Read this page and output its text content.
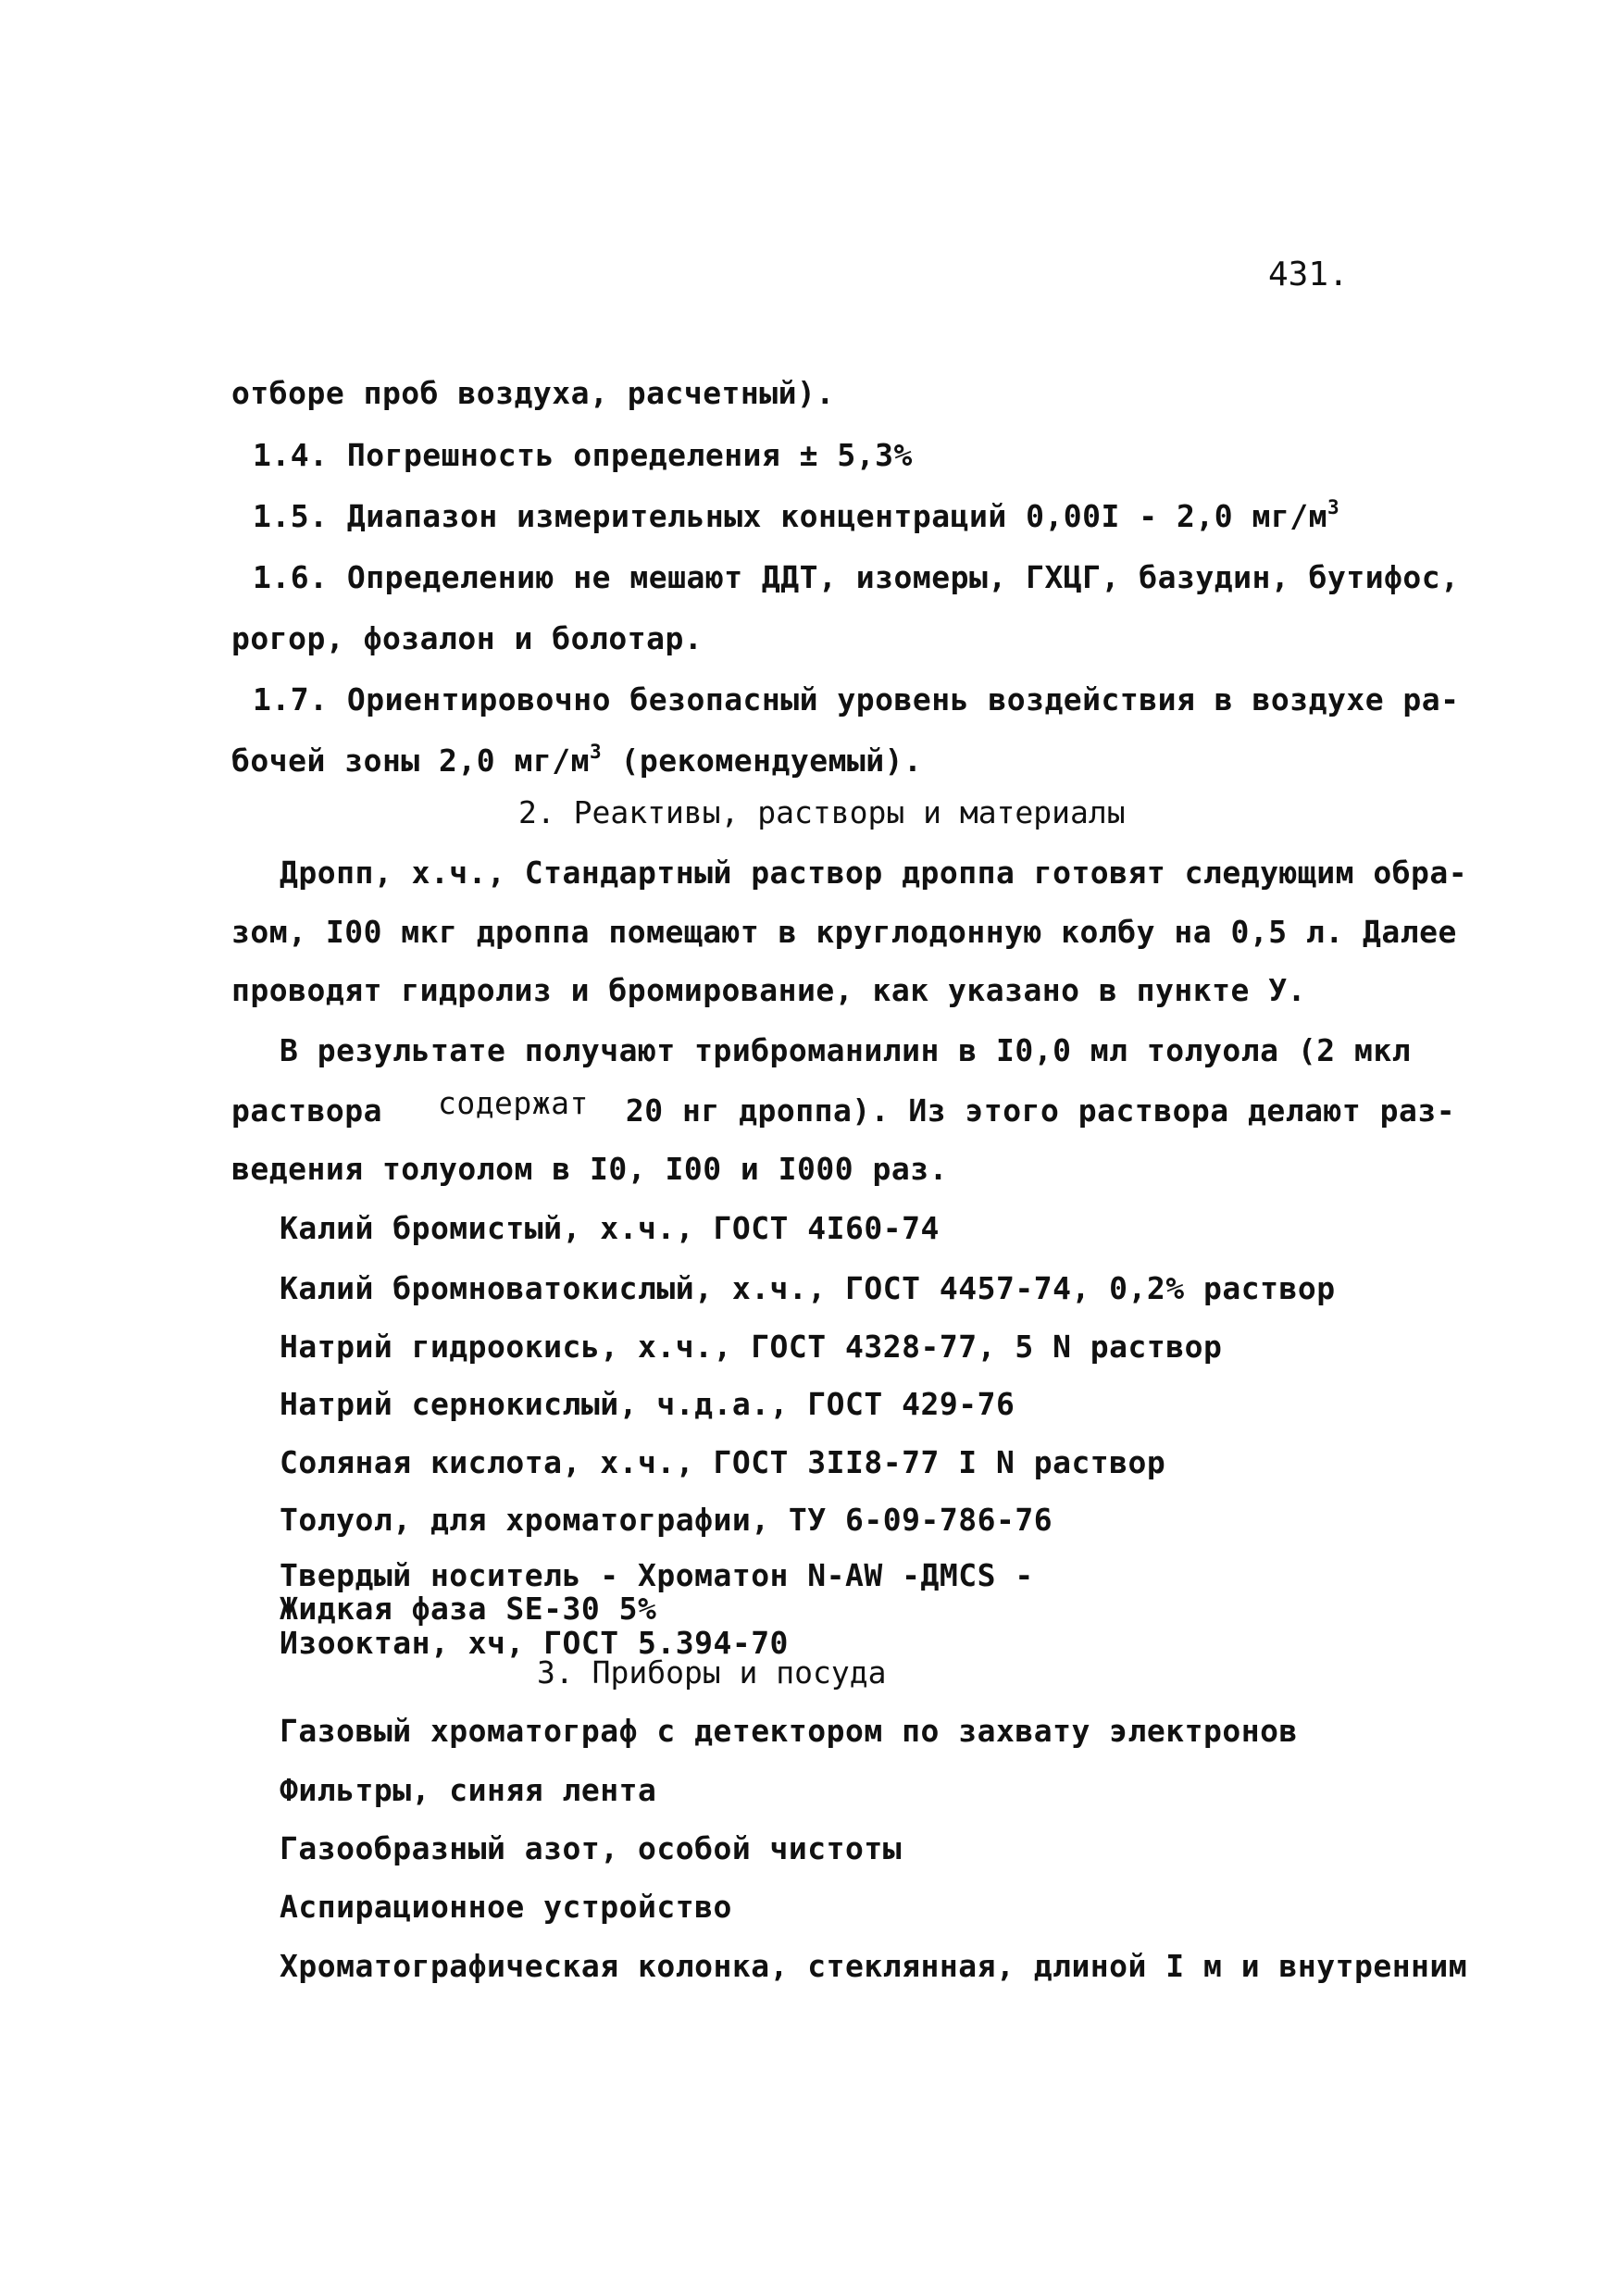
431.
отборе проб воздуха, расчетный).
1.4. Погрешность определения ± 5,3%
1.5. Диапазон измерительных концентраций 0,00I - 2,0 $мг/м^3$
1.6. Определению не мешают ДДТ, изомеры, ГХЦГ, базудин, бутифос,
рогор, фозалон и болотар.
1.7. Ориентировочно безопасный уровень воздействия в воздухе ра-
бочей зоны 2,0 $мг/м^3$ (рекомендуемый).
2. Реактивы, растворы и материалы
Дропп, х.ч., Стандартный раствор дроппа готовят следующим обра-
зом, I00 мкг дроппа помещают в круглодонную колбу на 0,5 л. Далее
проводят гидролиз и бромирование, как указано в пункте У.
В результате получают триброманилин в I0,0 мл толуола (2 мкл
раствора содержат 20 нг дроппа). Из этого раствора делают раз-
ведения толуолом в I0, I00 и I000 раз.
Калий бромистый, х.ч., ГОСТ 4I60-74
Калий бромноватокислый, х.ч., ГОСТ 4457-74, 0,2% раствор
Натрий гидроокись, х.ч., ГОСТ 4328-77, 5 N раствор
Натрий сернокислый, ч.д.а., ГОСТ 429-76
Соляная кислота, х.ч., ГОСТ 3II8-77 I N раствор
Толуол, для хроматографии, ТУ 6-09-786-76
Твердый носитель - Хроматон N-AW -ДМСS -
Жидкая фаза SE-30 5%
Изооктан, хч, ГОСТ 5.394-70
3. Приборы и посуда
Газовый хроматограф с детектором по захвату электронов
Фильтры, синяя лента
Газообразный азот, особой чистоты
Аспирационное устройство
Хроматографическая колонка, стеклянная, длиной I м и внутренним
